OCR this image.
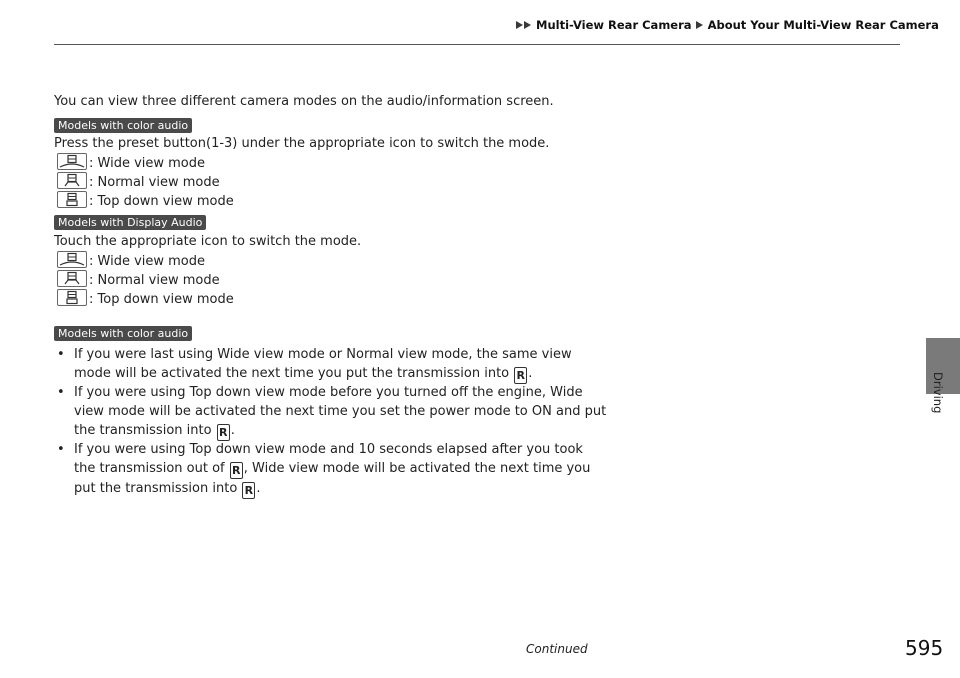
Multi-View Rear Camera About Your Multi-View Rear Camera
You can view three different camera modes on the audio/information screen.
Models with color audio
Press the preset button(1-3) under the appropriate icon to switch the mode.
: Wide view mode
: Normal view mode
: Top down view mode
Models with Display Audio
Touch the appropriate icon to switch the mode.
: Wide view mode
: Normal view mode
: Top down view mode
Models with color audio
• If you were last using Wide view mode or Normal view mode, the same view
mode will be activated the next time you put the transmission into R .
• If you were using Top down view mode before you turned off the engine, Wide
view mode will be activated the next time you set the power mode to ON and put
the transmission into R .
• If you were using Top down view mode and 10 seconds elapsed after you took
the transmission out of R , Wide view mode will be activated the next time you
put the transmission into R .
Driving
Continued	595
